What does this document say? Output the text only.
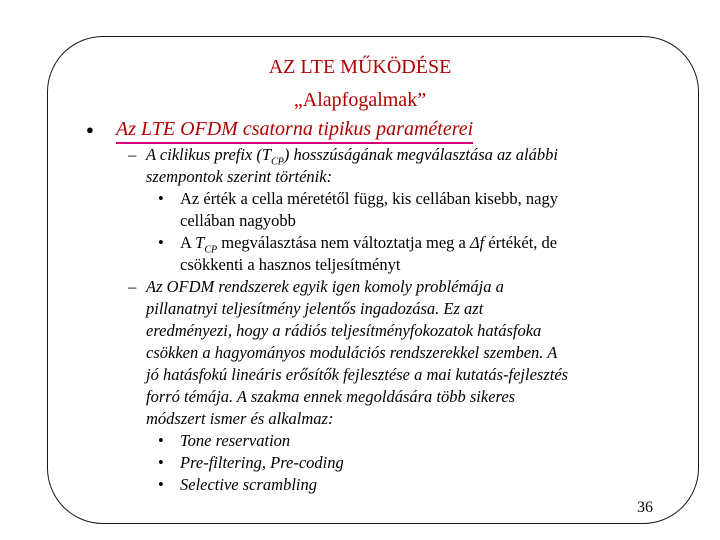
AZ LTE MŰKÖDÉSE
„Alapfogalmak”
●	Az LTE OFDM csatorna tipikus paraméterei
– A ciklikus prefix $(T_{CP})$ hosszúságának megválasztása az alábbi
szempontok szerint történik:
• Az érték a cella méretétől függ, kis cellában kisebb, nagy
cellában nagyobb
• A $T_{CP}$ megválasztása nem változtatja meg a Δf értékét, de
csökkenti a hasznos teljesítményt
– Az OFDM rendszerek egyik igen komoly problémája a
pillanatnyi teljesítmény jelentős ingadozása. Ez azt
eredményezi, hogy a rádiós teljesítményfokozatok hatásfoka
csökken a hagyományos modulációs rendszerekkel szemben. A
jó hatásfokú lineáris erősítők fejlesztése a mai kutatás-fejlesztés
forró témája. A szakma ennek megoldására több sikeres
módszert ismer és alkalmaz:
• Tone reservation
• Pre-filtering, Pre-coding
• Selective scrambling
36
